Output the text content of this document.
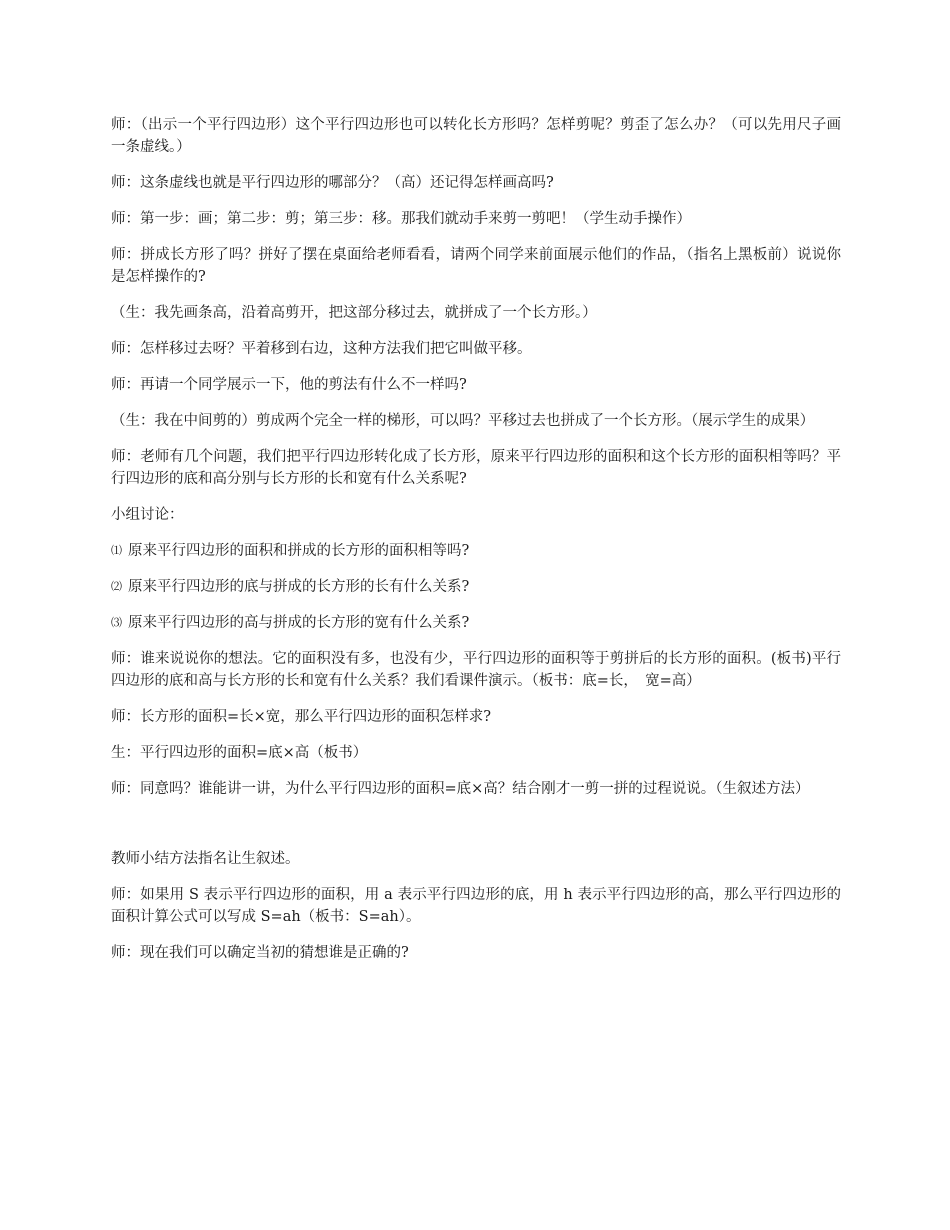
师：（出示一个平行四边形）这个平行四边形也可以转化长方形吗？怎样剪呢？剪歪了怎么办？（可以先用尺子画一条虚线。）

师：这条虚线也就是平行四边形的哪部分？（高）还记得怎样画高吗?

师：第一步：画；第二步：剪；第三步：移。那我们就动手来剪一剪吧！（学生动手操作）

师：拼成长方形了吗？拼好了摆在桌面给老师看看，请两个同学来前面展示他们的作品，（指名上黑板前）说说你是怎样操作的?

（生：我先画条高，沿着高剪开，把这部分移过去，就拼成了一个长方形。）

师：怎样移过去呀？平着移到右边，这种方法我们把它叫做平移。

师：再请一个同学展示一下，他的剪法有什么不一样吗?

（生：我在中间剪的）剪成两个完全一样的梯形，可以吗？平移过去也拼成了一个长方形。（展示学生的成果）

师：老师有几个问题，我们把平行四边形转化成了长方形，原来平行四边形的面积和这个长方形的面积相等吗？平行四边形的底和高分别与长方形的长和宽有什么关系呢?

小组讨论：

⑴ 原来平行四边形的面积和拼成的长方形的面积相等吗?

⑵ 原来平行四边形的底与拼成的长方形的长有什么关系?

⑶ 原来平行四边形的高与拼成的长方形的宽有什么关系?

师：谁来说说你的想法。它的面积没有多，也没有少，平行四边形的面积等于剪拼后的长方形的面积。(板书)平行四边形的底和高与长方形的长和宽有什么关系？我们看课件演示。（板书：底=长，　宽=高）

师：长方形的面积=长×宽，那么平行四边形的面积怎样求?

生：平行四边形的面积=底×高（板书）

师：同意吗？谁能讲一讲，为什么平行四边形的面积=底×高？结合刚才一剪一拼的过程说说。（生叙述方法）

教师小结方法指名让生叙述。

师：如果用 S 表示平行四边形的面积，用 a 表示平行四边形的底，用 h 表示平行四边形的高，那么平行四边形的面积计算公式可以写成 S=ah（板书：S=ah）。

师：现在我们可以确定当初的猜想谁是正确的?
